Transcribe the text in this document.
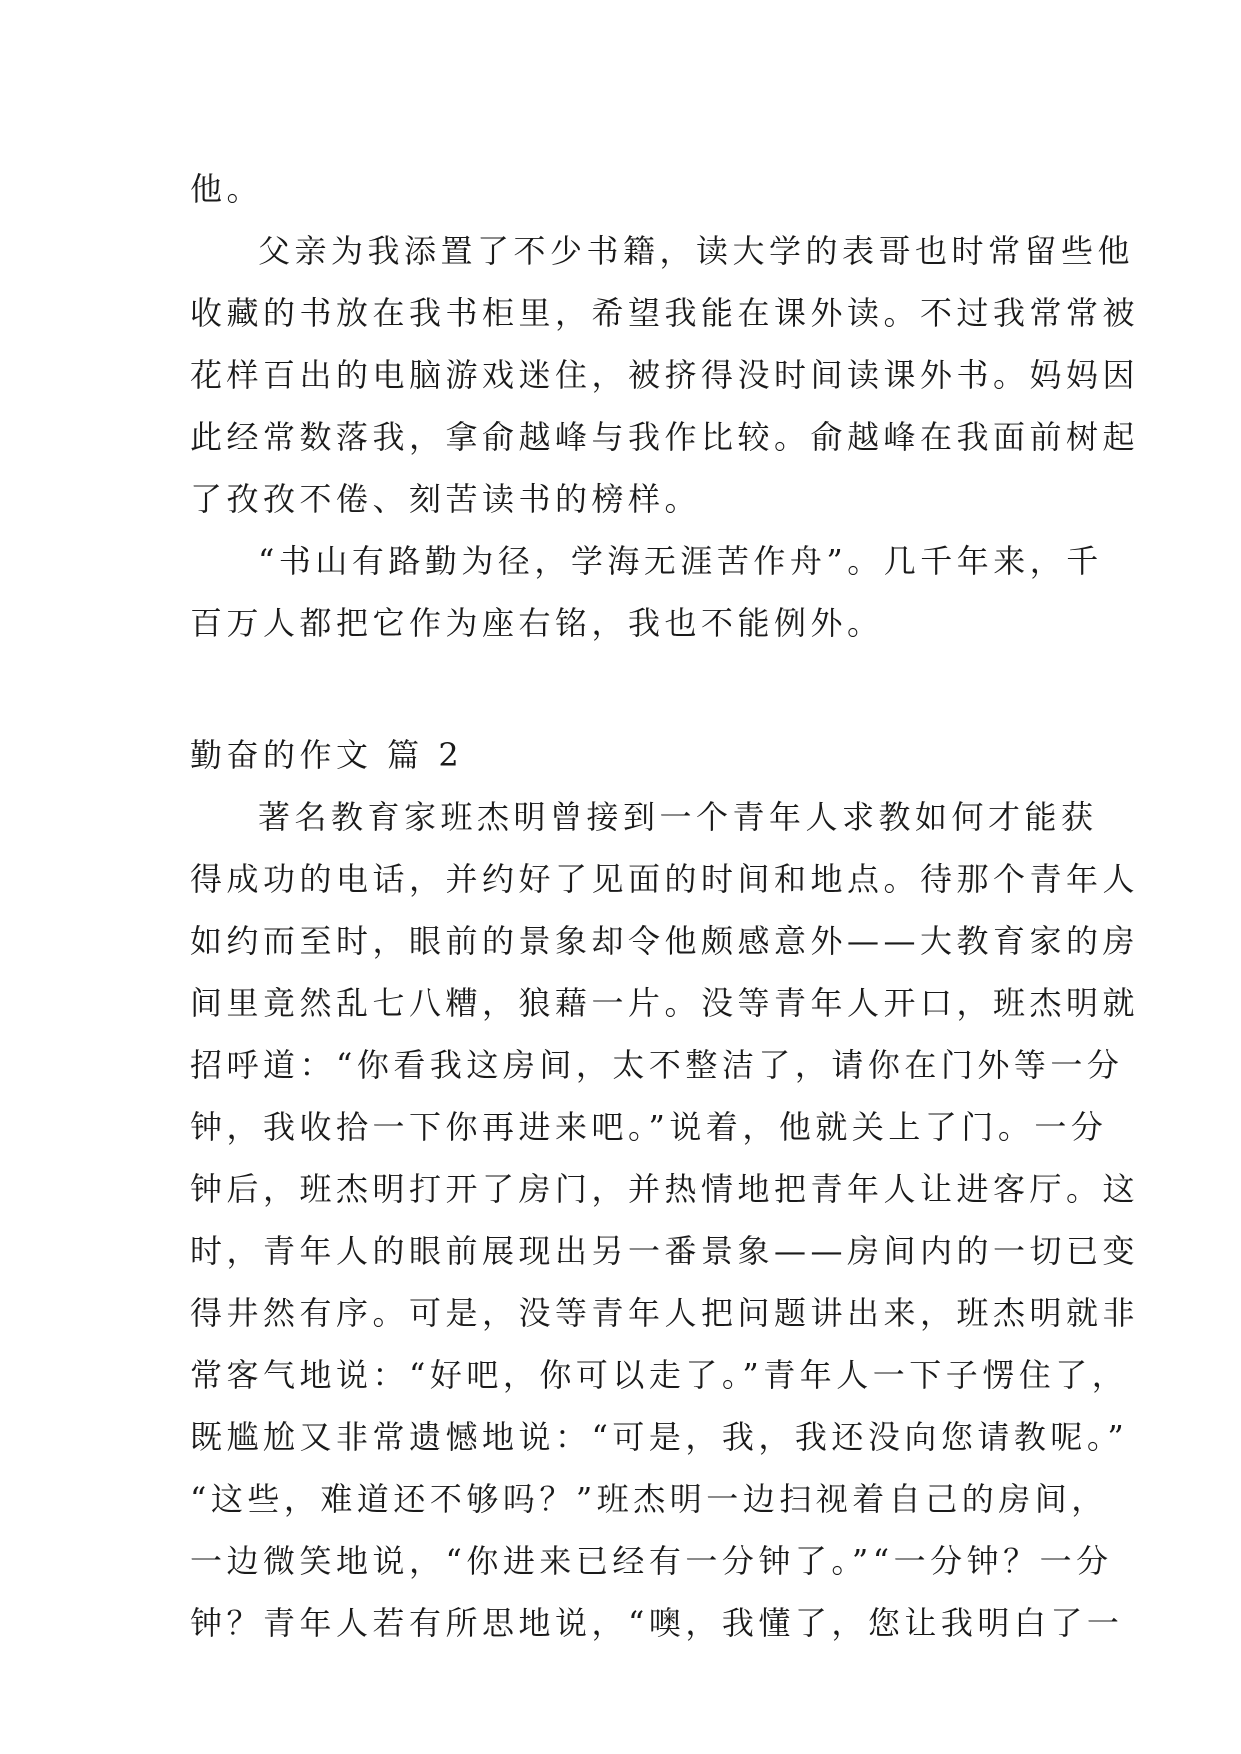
他。
父亲为我添置了不少书籍，读大学的表哥也时常留些他
收藏的书放在我书柜里，希望我能在课外读。不过我常常被
花样百出的电脑游戏迷住，被挤得没时间读课外书。妈妈因
此经常数落我，拿俞越峰与我作比较。俞越峰在我面前树起
了孜孜不倦、刻苦读书的榜样。
“书山有路勤为径，学海无涯苦作舟”。几千年来，千
百万人都把它作为座右铭，我也不能例外。
勤奋的作文 篇 2
著名教育家班杰明曾接到一个青年人求教如何才能获
得成功的电话，并约好了见面的时间和地点。待那个青年人
如约而至时，眼前的景象却令他颇感意外——大教育家的房
间里竟然乱七八糟，狼藉一片。没等青年人开口，班杰明就
招呼道：“你看我这房间，太不整洁了，请你在门外等一分
钟，我收拾一下你再进来吧。”说着，他就关上了门。一分
钟后，班杰明打开了房门，并热情地把青年人让进客厅。这
时，青年人的眼前展现出另一番景象——房间内的一切已变
得井然有序。可是，没等青年人把问题讲出来，班杰明就非
常客气地说：“好吧，你可以走了。”青年人一下子愣住了，
既尴尬又非常遗憾地说：“可是，我，我还没向您请教呢。”
“这些，难道还不够吗？”班杰明一边扫视着自己的房间，
一边微笑地说，“你进来已经有一分钟了。”“一分钟？一分
钟？青年人若有所思地说，“噢，我懂了，您让我明白了一
